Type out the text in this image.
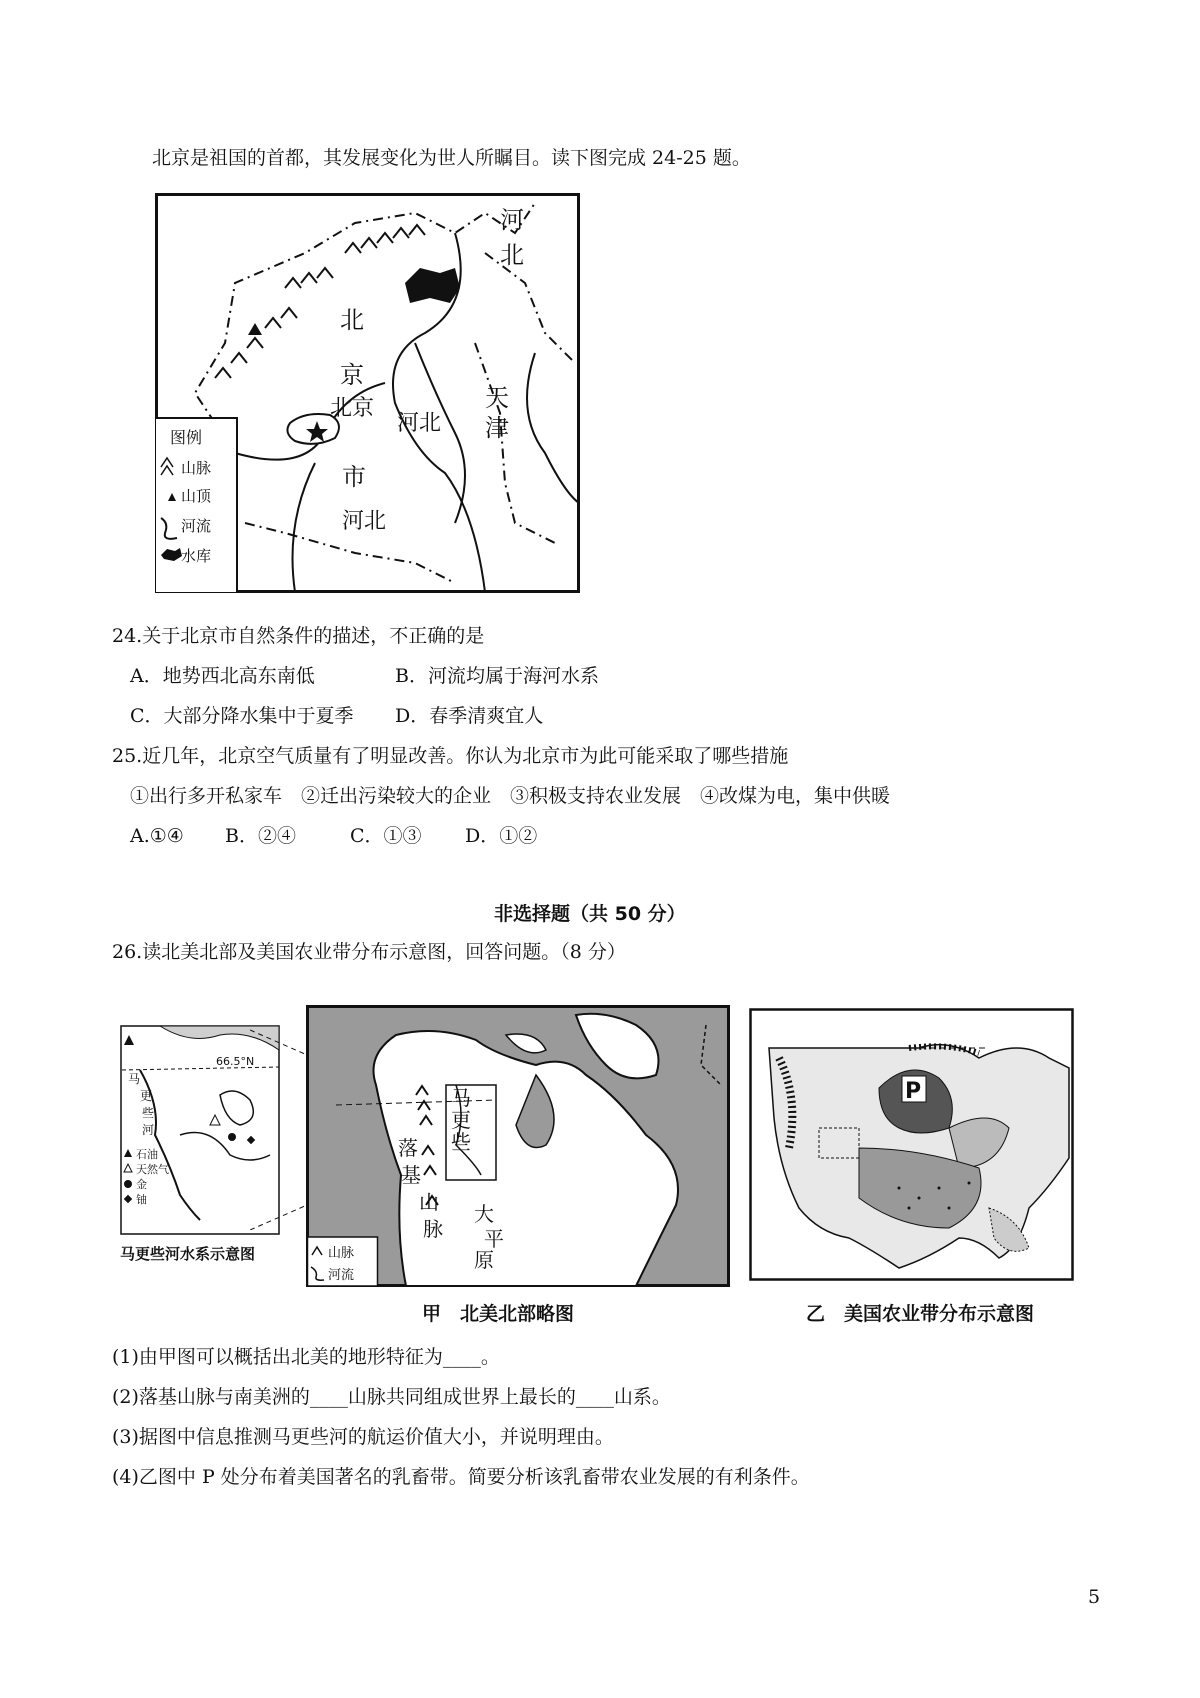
北京是祖国的首都，其发展变化为世人所瞩目。读下图完成 24-25 题。
河
北
北
京
北京
河北
天
津
市
河北
图例
山脉
山顶
河流
水库
24.关于北京市自然条件的描述，不正确的是
A．地势西北高东南低	B．河流均属于海河水系
C．大部分降水集中于夏季 D．春季清爽宜人
25.近几年，北京空气质量有了明显改善。你认为北京市为此可能采取了哪些措施
①出行多开私家车　②迁出污染较大的企业　③积极支持农业发展　④改煤为电，集中供暖
A.①④ B．②④	C．①③ D．①②
非选择题（共 50 分）
26.读北美北部及美国农业带分布示意图，回答问题。（8 分）
66.5°N
马
更
些
河
石油
天然气
金
铀
马更些河水系示意图
马
更
些
落
基
山
脉
大
平
原
山脉
河流
甲　北美北部略图
P
乙　美国农业带分布示意图
(1)由甲图可以概括出北美的地形特征为____。
(2)落基山脉与南美洲的____山脉共同组成世界上最长的____山系。
(3)据图中信息推测马更些河的航运价值大小，并说明理由。
(4)乙图中 P 处分布着美国著名的乳畜带。简要分析该乳畜带农业发展的有利条件。
5
